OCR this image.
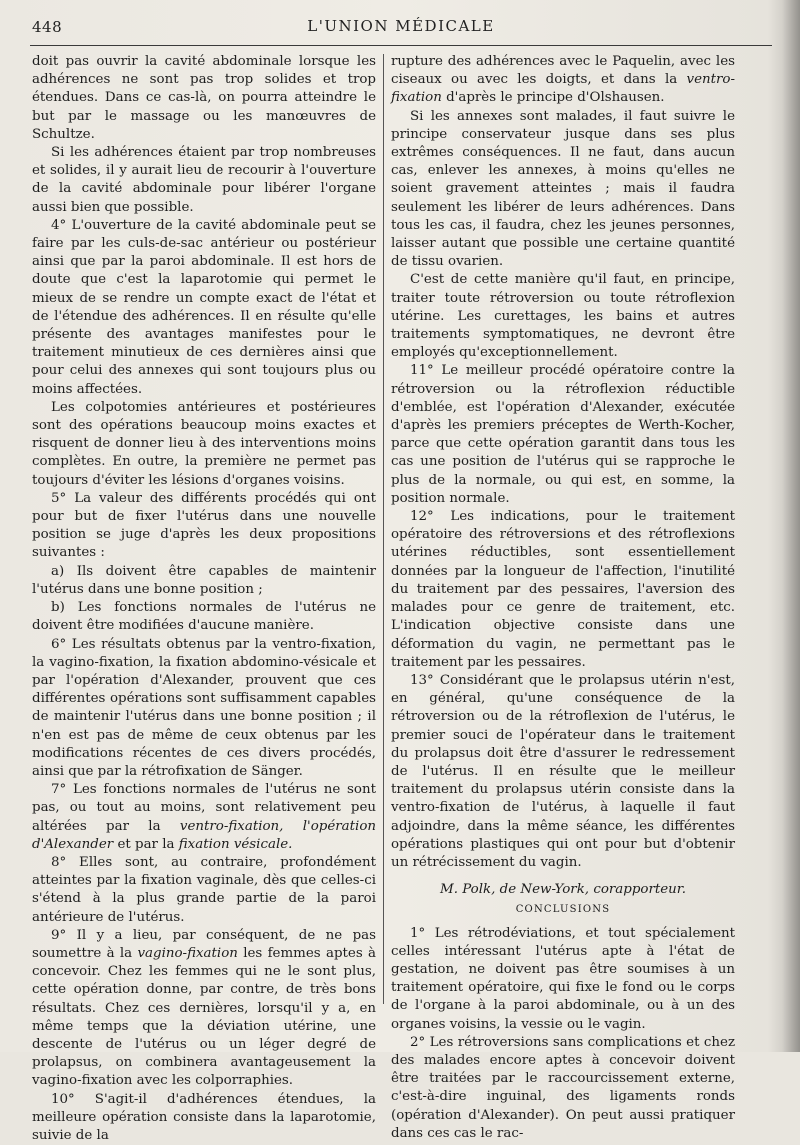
448	L'UNION MÉDICALE

doit pas ouvrir la cavité abdominale lorsque les adhérences ne sont pas trop solides et trop étendues. Dans ce cas-là, on pourra atteindre le but par le massage ou les manœuvres de Schultze.

Si les adhérences étaient par trop nombreuses et solides, il y aurait lieu de recourir à l'ouverture de la cavité abdominale pour libérer l'organe aussi bien que possible.

4° L'ouverture de la cavité abdominale peut se faire par les culs-de-sac antérieur ou postérieur ainsi que par la paroi abdominale. Il est hors de doute que c'est la laparotomie qui permet le mieux de se rendre un compte exact de l'état et de l'étendue des adhérences. Il en résulte qu'elle présente des avantages manifestes pour le traitement minutieux de ces dernières ainsi que pour celui des annexes qui sont toujours plus ou moins affectées.

Les colpotomies antérieures et postérieures sont des opérations beaucoup moins exactes et risquent de donner lieu à des interventions moins complètes. En outre, la première ne permet pas toujours d'éviter les lésions d'organes voisins.

5° La valeur des différents procédés qui ont pour but de fixer l'utérus dans une nouvelle position se juge d'après les deux propositions suivantes :

a) Ils doivent être capables de maintenir l'utérus dans une bonne position ;

b) Les fonctions normales de l'utérus ne doivent être modifiées d'aucune manière.

6° Les résultats obtenus par la ventro-fixation, la vagino-fixation, la fixation abdomino-vésicale et par l'opération d'Alexander, prouvent que ces différentes opérations sont suffisamment capables de maintenir l'utérus dans une bonne position ; il n'en est pas de même de ceux obtenus par les modifications récentes de ces divers procédés, ainsi que par la rétrofixation de Sänger.

7° Les fonctions normales de l'utérus ne sont pas, ou tout au moins, sont relativement peu altérées par la ventro-fixation, l'opération d'Alexander et par la fixation vésicale.

8° Elles sont, au contraire, profondément atteintes par la fixation vaginale, dès que celles-ci s'étend à la plus grande partie de la paroi antérieure de l'utérus.

9° Il y a lieu, par conséquent, de ne pas soumettre à la vagino-fixation les femmes aptes à concevoir. Chez les femmes qui ne le sont plus, cette opération donne, par contre, de très bons résultats. Chez ces dernières, lorsqu'il y a, en même temps que la déviation utérine, une descente de l'utérus ou un léger degré de prolapsus, on combinera avantageusement la vagino-fixation avec les colporraphies.

10° S'agit-il d'adhérences étendues, la meilleure opération consiste dans la laparotomie, suivie de la

rupture des adhérences avec le Paquelin, avec les ciseaux ou avec les doigts, et dans la ventro-fixation d'après le principe d'Olshausen.

Si les annexes sont malades, il faut suivre le principe conservateur jusque dans ses plus extrêmes conséquences. Il ne faut, dans aucun cas, enlever les annexes, à moins qu'elles ne soient gravement atteintes ; mais il faudra seulement les libérer de leurs adhérences. Dans tous les cas, il faudra, chez les jeunes personnes, laisser autant que possible une certaine quantité de tissu ovarien.

C'est de cette manière qu'il faut, en principe, traiter toute rétroversion ou toute rétroflexion utérine. Les curettages, les bains et autres traitements symptomatiques, ne devront être employés qu'exceptionnellement.

11° Le meilleur procédé opératoire contre la rétroversion ou la rétroflexion réductible d'emblée, est l'opération d'Alexander, exécutée d'après les premiers préceptes de Werth-Kocher, parce que cette opération garantit dans tous les cas une position de l'utérus qui se rapproche le plus de la normale, ou qui est, en somme, la position normale.

12° Les indications, pour le traitement opératoire des rétroversions et des rétroflexions utérines réductibles, sont essentiellement données par la longueur de l'affection, l'inutilité du traitement par des pessaires, l'aversion des malades pour ce genre de traitement, etc. L'indication objective consiste dans une déformation du vagin, ne permettant pas le traitement par les pessaires.

13° Considérant que le prolapsus utérin n'est, en général, qu'une conséquence de la rétroversion ou de la rétroflexion de l'utérus, le premier souci de l'opérateur dans le traitement du prolapsus doit être d'assurer le redressement de l'utérus. Il en résulte que le meilleur traitement du prolapsus utérin consiste dans la ventro-fixation de l'utérus, à laquelle il faut adjoindre, dans la même séance, les différentes opérations plastiques qui ont pour but d'obtenir un rétrécissement du vagin.

M. Polk, de New-York, corapporteur.

CONCLUSIONS

1° Les rétrodéviations, et tout spécialement celles intéressant l'utérus apte à l'état de gestation, ne doivent pas être soumises à un traitement opératoire, qui fixe le fond ou le corps de l'organe à la paroi abdominale, ou à un des organes voisins, la vessie ou le vagin.

2° Les rétroversions sans complications et chez des malades encore aptes à concevoir doivent être traitées par le raccourcissement externe, c'est-à-dire inguinal, des ligaments ronds (opération d'Alexander). On peut aussi pratiquer dans ces cas le rac-
